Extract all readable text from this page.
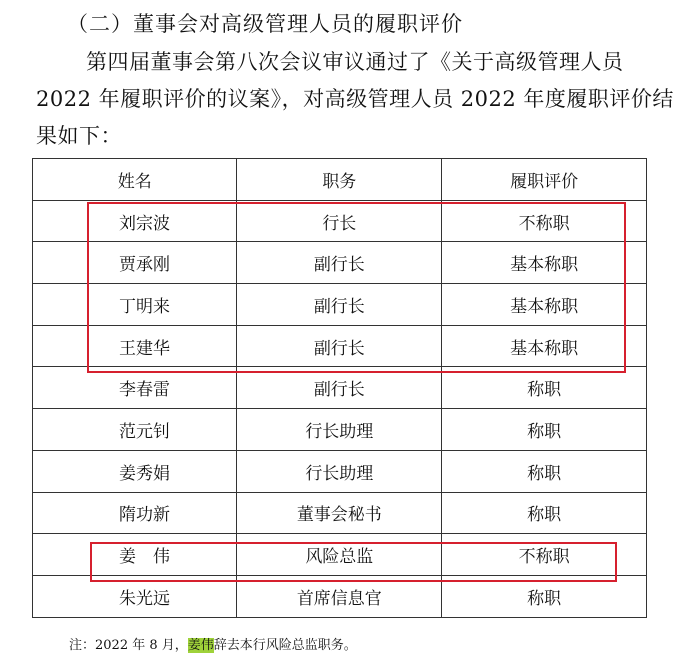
（二）董事会对高级管理人员的履职评价
第四届董事会第八次会议审议通过了《关于高级管理人员
2022 年履职评价的议案》，对高级管理人员 2022 年度履职评价结
果如下：
姓名	职务	履职评价
刘宗波	行长	不称职
贾承刚	副行长	基本称职
丁明来	副行长	基本称职
王建华	副行长	基本称职
李春雷	副行长	称职
范元钊	行长助理	称职
姜秀娟	行长助理	称职
隋功新	董事会秘书	称职
姜　伟	风险总监	不称职
朱光远	首席信息官	称职
注：2022 年 8 月，姜伟辞去本行风险总监职务。
